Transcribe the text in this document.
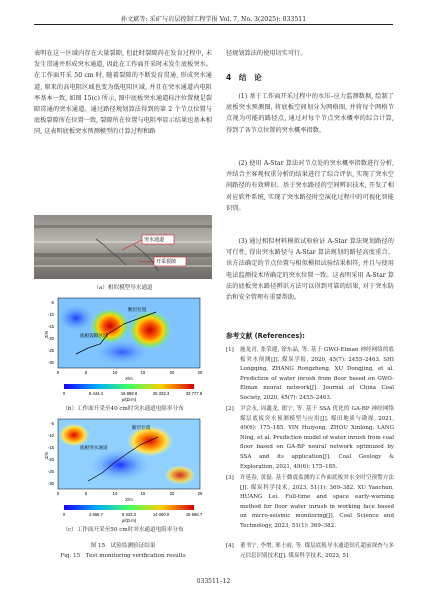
孙文斌等: 采矿与岩层控制工程学报 Vol. 7, No. 3(2025): 033511

表明在这一区域内存在大量裂隙, 但此时裂隙尚在发育过程中, 未发生贯通并形成突水通道, 因此在工作面开采时未发生底板突水。在工作面开采 50 cm 时, 随着裂隙的不断发育贯通, 形成突水通道, 原来的高电阻区域也变为低电阻区域, 并且在突水通道内电阻率基本一致, 如图 15(c) 所示, 图中底板突水通道标注位置便是裂隙贯通的突水通道。通过路径规划算法得到的第 2 个节点位置与底板裂隙所在位置一致, 裂隙所在位置与电阻率显示结果也基本相同, 这表明底板突水预测模型的计算过程和路

突水通道
开采裂隙
（a）相似模型导水通道
断层位置
底板裂隙区域
Z/m
-5
-10
-15
-20
-25
-30
0	5	10	15	20	25
X/m
0	8 444.4	16 888.9	25 333.3	33 777.8
ρ/(Ω·m)
（b）工作面开采至40 cm时突水通道电阻率分布
断层位置
底板突水通道
Z/m
-5
-10
-15
-20
-25
-30
0	5	10	15	20	25
X/m
0	4 666.7	9 333.3	14 000.0	18 666.7
ρ/(Ω·m)
（c）工作面开采至50 cm时突水通道电阻率分布
图 15　试验监测验证结果
Fig. 15　Test monitoring verification results

径规划算法的使用切实可行。

4　结　论

(1) 基于工作面开采过程中的水压–应力监测数据, 绘制了底板突水预测图, 将底板空间划分为网格图, 并将每个网格节点视为可能的路径点, 通过对每个节点突水概率的综合计算, 得到了各节点位置的突水概率指数。

(2) 使用 A-Star 算法对节点处的突水概率指数进行分析, 并结合主客观权重分析的结果进行了综合评估, 实现了突水空间路径的有效辨识。基于突水路径的空间辨识技术, 开发了相对应软件系统, 实现了突水路径时空演化过程中的可视化智能识别。

(3) 通过相似材料模拟试验验证 A-Star 算法规划路径的可行性, 得出突水路径与 A-Star 算法规划的路径高度重合。该方法确定的节点位置与相似模拟试验结果相符, 并且与使用电法监测技术所确定的突水位置一致。这表明采用 A-Star 算法的底板突水路径辨识方法可以得到可靠的结果, 对于突水防治和安全管理有重要帮助。

参考文献 (References):
[1] 施龙青, 张荣遵, 徐东晶, 等. 基于 GWO-Elman 神经网络的底板突水预测[J]. 煤炭学报, 2020, 45(7): 2455–2463. SHI Longqing, ZHANG Rongzheng, XU Dongjing, et al. Prediction of water inrush from floor based on GWO-Elman neural network[J]. Journal of China Coal Society, 2020, 45(7): 2455–2463.
[2] 尹会永, 周鑫龙, 郎宁, 等. 基于 SSA 优化的 GA-BP 神经网络煤层底板突水预测模型与应用[J]. 煤田地质与勘探, 2021, 49(6): 175–185. YIN Huiyong, ZHOU Xinlong, LANG Ning, et al. Prediction model of water inrush from coal floor based on GA-BP neural network optimized by SSA and its application[J]. Coal Geology & Exploration, 2021, 49(6): 175–185.
[3] 许延春, 黄磊. 基于微震监测的工作面底板突水全时空预警方法[J]. 煤炭科学技术, 2023, 51(1): 369–382. XU Yanchun, HUANG Lei. Full-time and space early-warning method for floor water inrush in working face based on micro-seismic monitoring[J]. Coal Science and Technology, 2023, 51(1): 369–382.
[4] 董书宁, 李增, 邢士雨, 等. 煤层底板导水通道钻孔超前探查与多元信息识别技术[J]. 煤炭科学技术, 2023, 51
033511–12
